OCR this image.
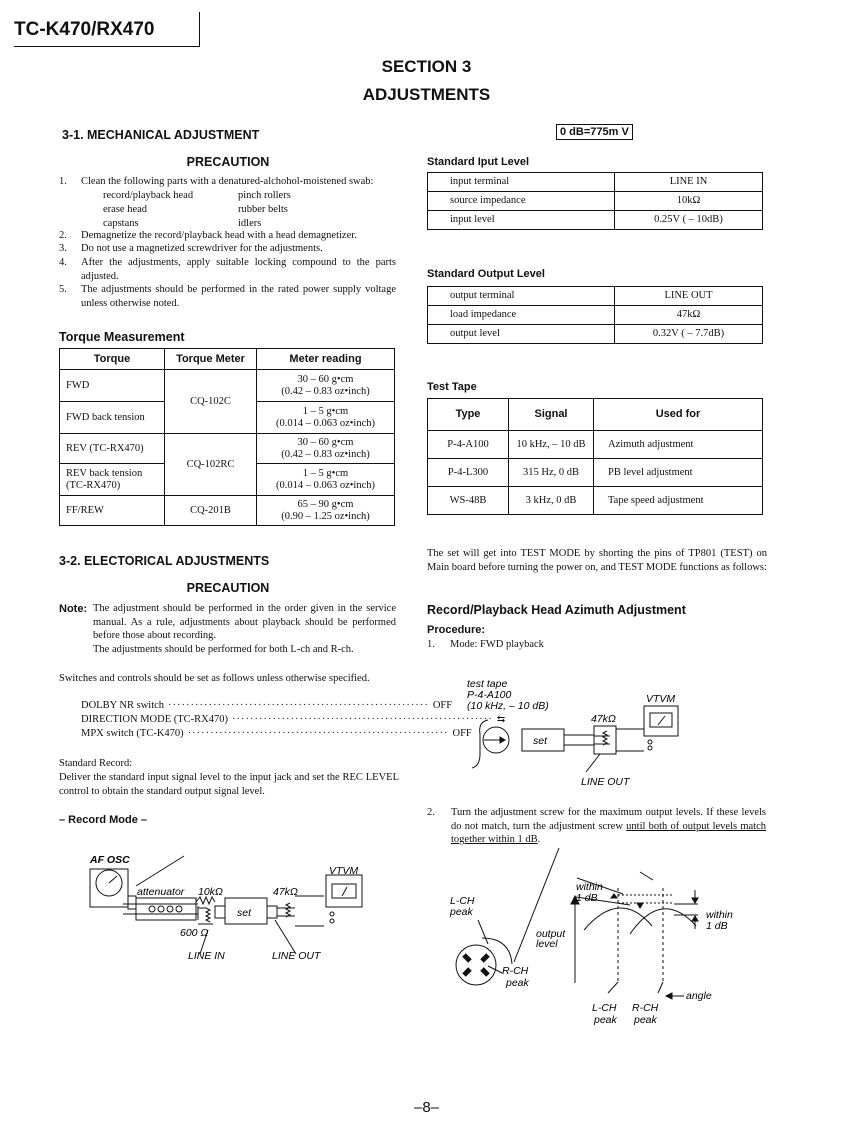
TC-K470/RX470
SECTION 3
ADJUSTMENTS
3-1. MECHANICAL ADJUSTMENT
PRECAUTION
1. Clean the following parts with a denatured-alchohol-moistened swab:
record/playback head	pinch rollers
erase head	rubber belts
capstans	idlers
2. Demagnetize the record/playback head with a head demagnetizer.
3. Do not use a magnetized screwdriver for the adjustments.
4. After the adjustments, apply suitable locking compound to the parts adjusted.
5. The adjustments should be performed in the rated power supply voltage unless otherwise noted.
Torque Measurement
Torque	Torque Meter	Meter reading
FWD	CQ-102C	30 – 60 g•cm
(0.42 – 0.83 oz•inch)
FWD back tension		1 – 5 g•cm
(0.014 – 0.063 oz•inch)
REV (TC-RX470)	CQ-102RC	30 – 60 g•cm
(0.42 – 0.83 oz•inch)
REV back tension
(TC-RX470)		1 – 5 g•cm
(0.014 – 0.063 oz•inch)
FF/REW	CQ-201B	65 – 90 g•cm
(0.90 – 1.25 oz•inch)
3-2. ELECTORICAL ADJUSTMENTS
PRECAUTION
Note: The adjustment should be performed in the order given in the service manual. As a rule, adjustments about playback should be performed before those about recording.
The adjustments should be performed for both L-ch and R-ch.
Switches and controls should be set as follows unless otherwise specified.
DOLBY NR switch ·························································· OFF
DIRECTION MODE (TC-RX470) ·························································· ⇆
MPX switch (TC-K470) ·························································· OFF
Standard Record:
Deliver the standard input signal level to the input jack and set the REC LEVEL control to obtain the standard output signal level.
– Record Mode –
AF OSC
attenuator 10kΩ	47kΩ
600 Ω
set
VTVM
LINE IN	LINE OUT
0 dB=775m V
Standard Iput Level
input terminal	LINE IN
source impedance	10kΩ
input level	0.25V ( – 10dB)
Standard Output Level
output terminal	LINE OUT
load impedance	47kΩ
output level	0.32V ( – 7.7dB)
Test Tape
Type	Signal	Used for
P-4-A100	10 kHz, – 10 dB	Azimuth adjustment
P-4-L300	315 Hz, 0 dB	PB level adjustment
WS-48B	3 kHz, 0 dB	Tape speed adjustment
The set will get into TEST MODE by shorting the pins of TP801 (TEST) on Main board before turning the power on, and TEST MODE functions as follows:
Record/Playback Head Azimuth Adjustment
Procedure:
1. Mode: FWD playback
test tape
P-4-A100
(10 kHz, – 10 dB)
VTVM
47kΩ
set
LINE OUT
2. Turn the adjustment screw for the maximum output levels. If these levels do not match, turn the adjustment screw until both of output levels match together within 1 dB.
L-CH
peak
R-CH
peak
within
1 dB
within
1 dB
output
level
angle
L-CH
peak
R-CH
peak
–8–
